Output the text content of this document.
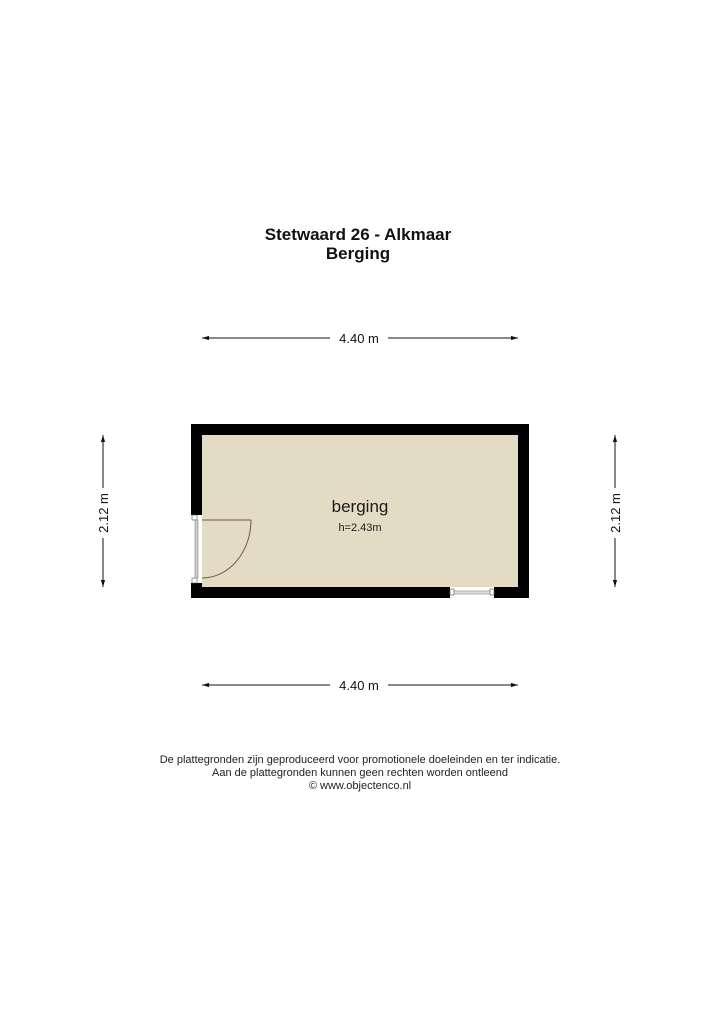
Stetwaard 26 - Alkmaar
Berging
4.40 m
4.40 m
2.12 m	2.12 m
berging
h=2.43m
De plattegronden zijn geproduceerd voor promotionele doeleinden en ter indicatie.
Aan de plattegronden kunnen geen rechten worden ontleend
© www.objectenco.nl
